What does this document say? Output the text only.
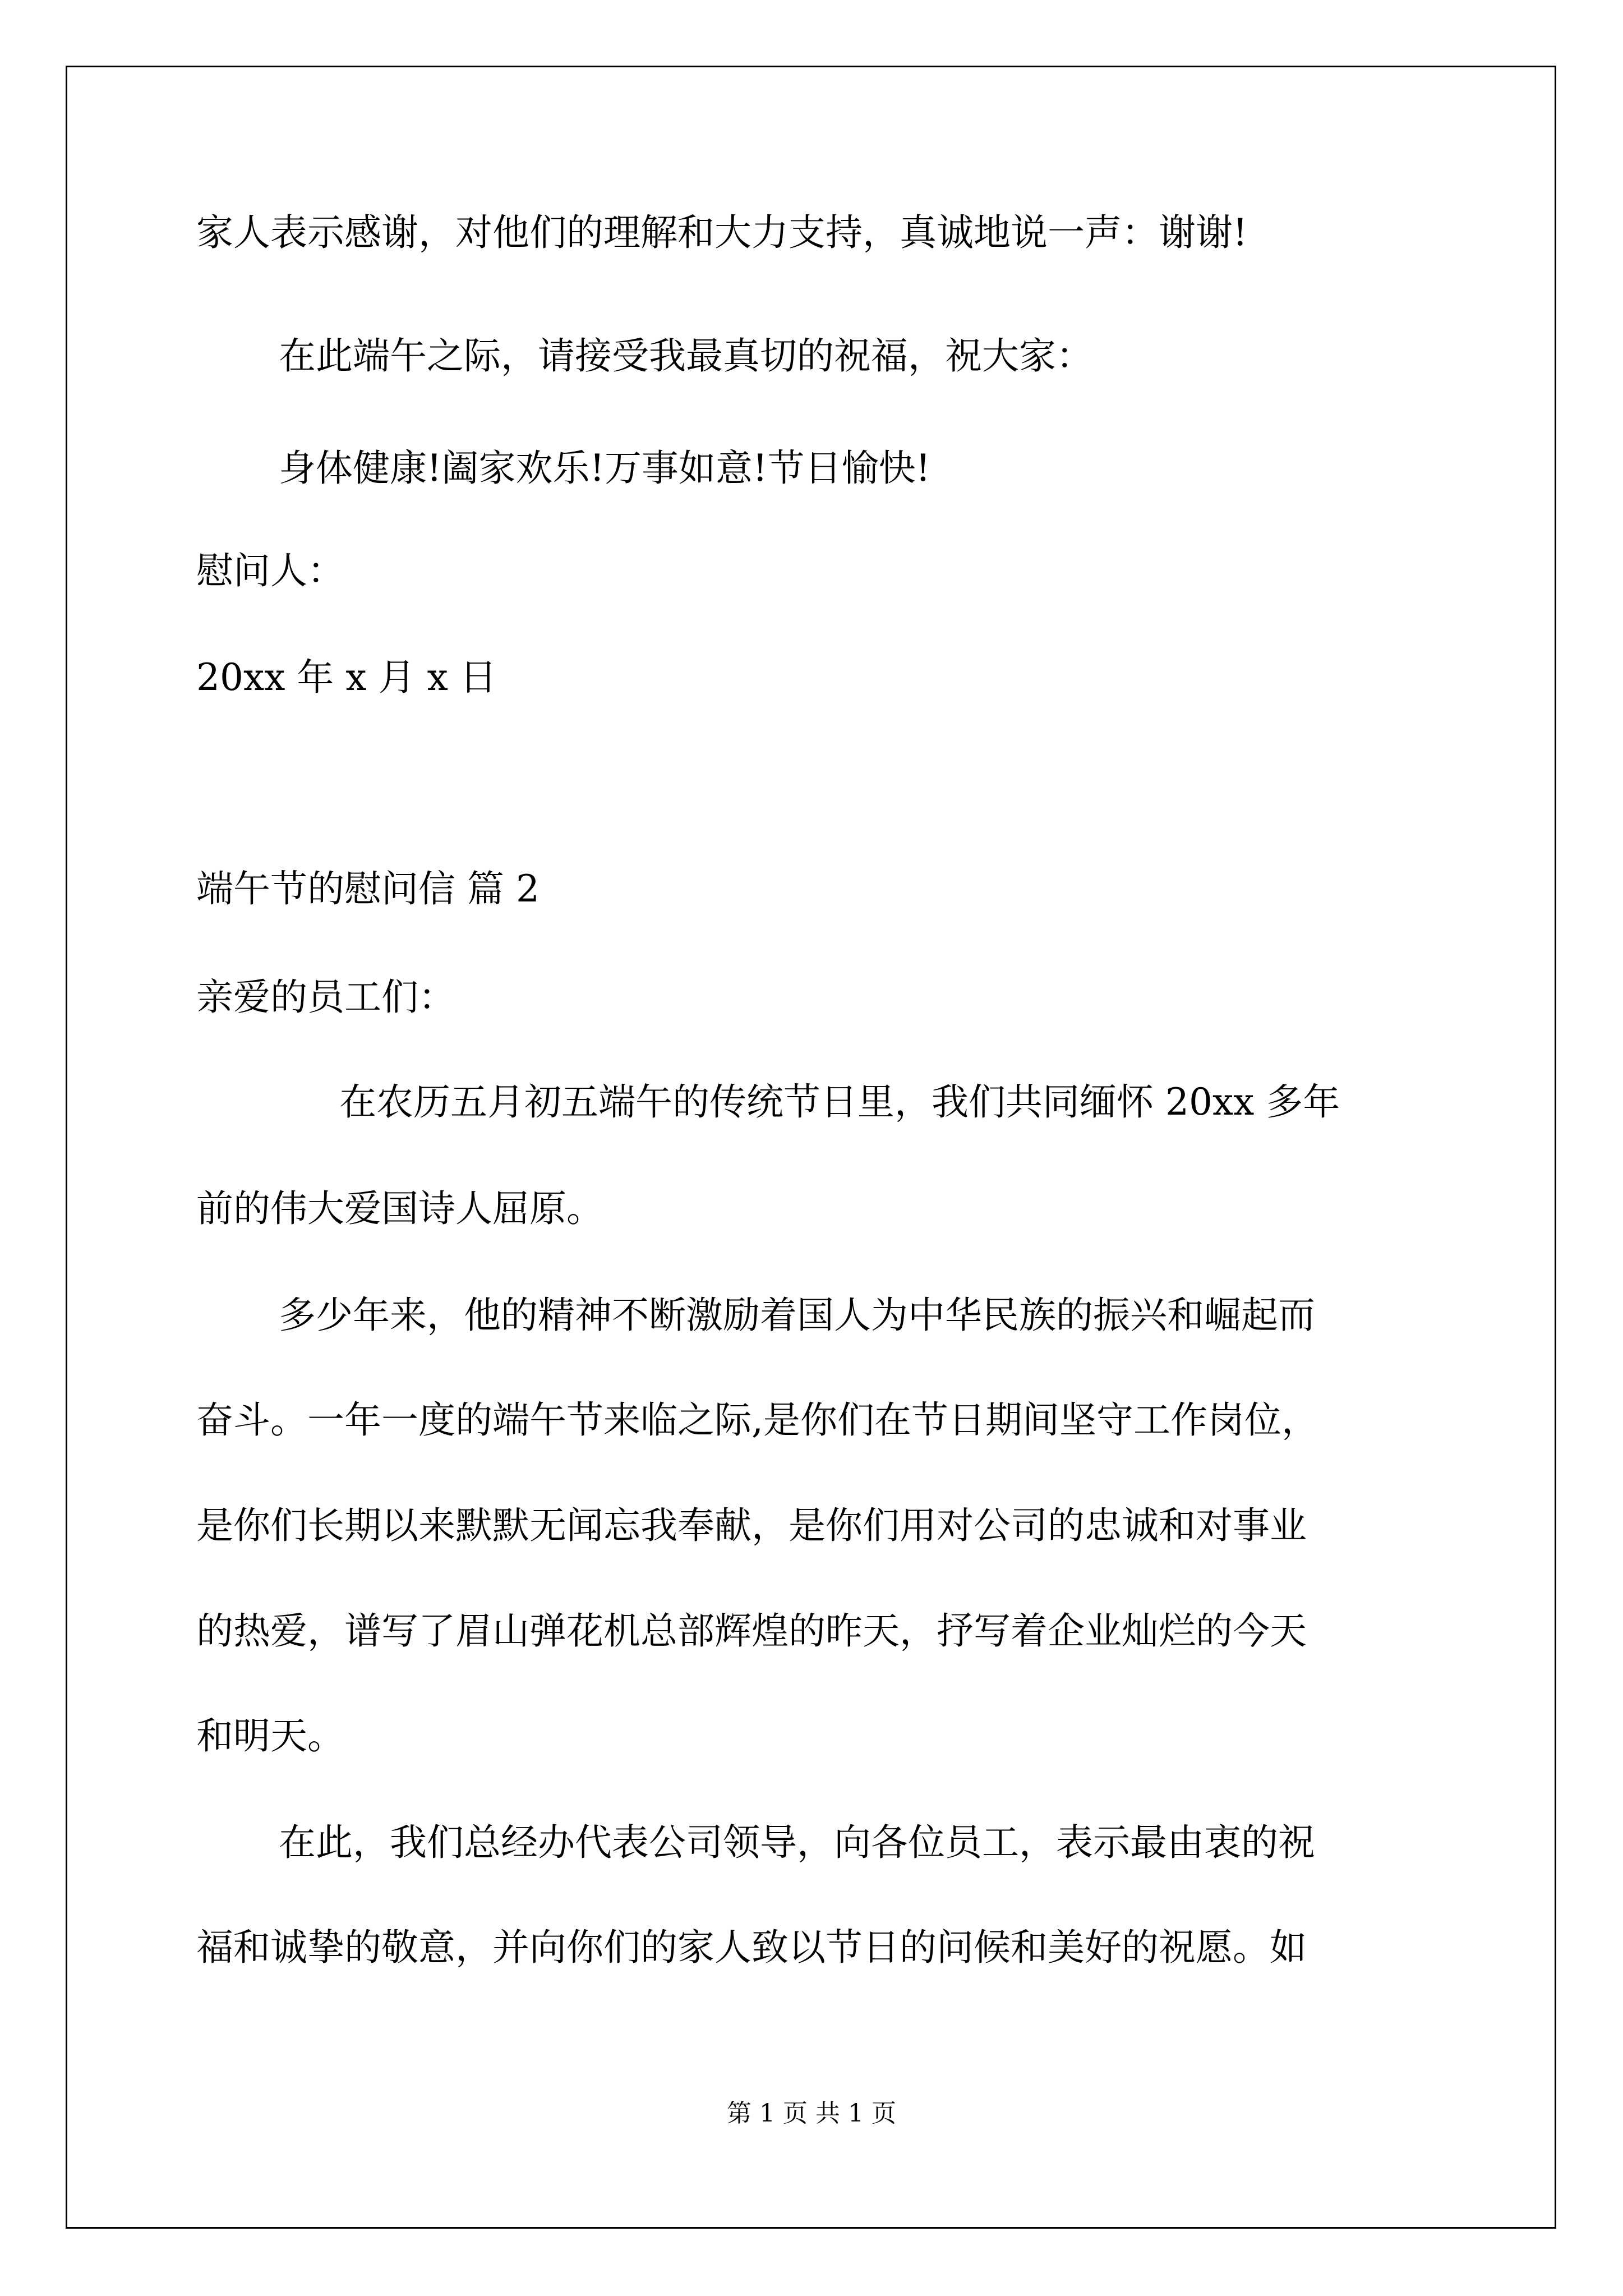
家人表示感谢，对他们的理解和大力支持，真诚地说一声：谢谢!
在此端午之际，请接受我最真切的祝福，祝大家：
身体健康!阖家欢乐!万事如意!节日愉快!
慰问人：
20xx 年 x 月 x 日
端午节的慰问信 篇 2
亲爱的员工们：
在农历五月初五端午的传统节日里，我们共同缅怀 20xx 多年
前的伟大爱国诗人屈原。
多少年来，他的精神不断激励着国人为中华民族的振兴和崛起而
奋斗。一年一度的端午节来临之际,是你们在节日期间坚守工作岗位，
是你们长期以来默默无闻忘我奉献，是你们用对公司的忠诚和对事业
的热爱，谱写了眉山弹花机总部辉煌的昨天，抒写着企业灿烂的今天
和明天。
在此，我们总经办代表公司领导，向各位员工，表示最由衷的祝
福和诚挚的敬意，并向你们的家人致以节日的问候和美好的祝愿。如
第 1 页 共 1 页
